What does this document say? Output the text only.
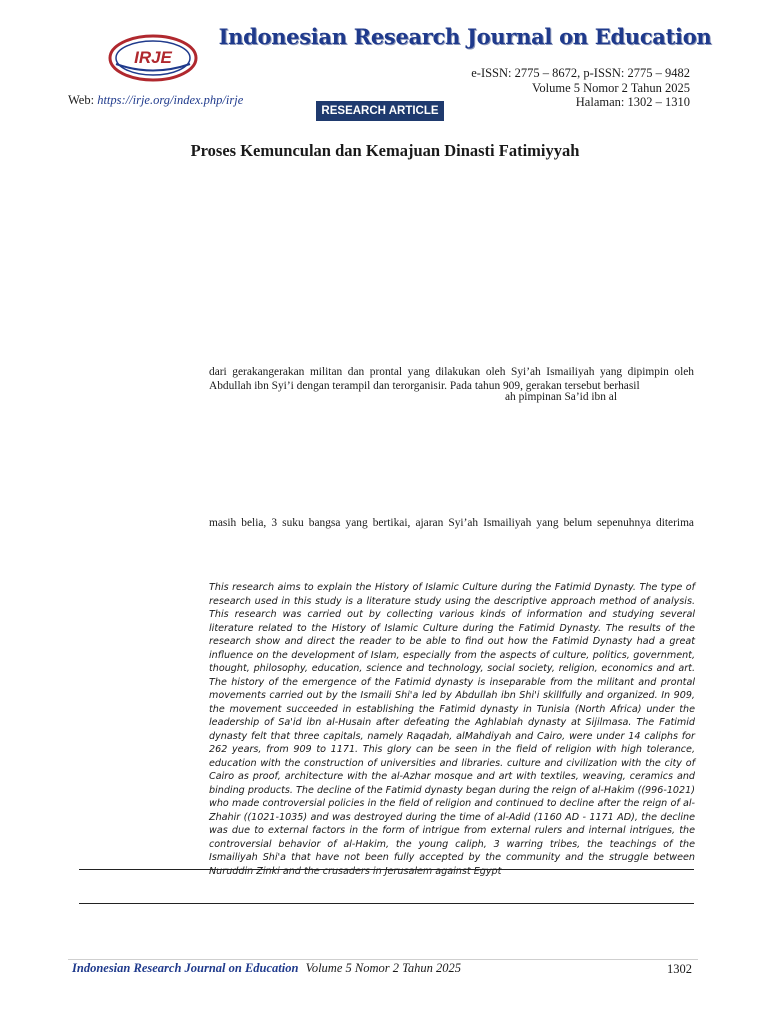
IRJE
Indonesian Research Journal on Education
e-ISSN: 2775 – 8672, p-ISSN: 2775 – 9482
Volume 5 Nomor 2 Tahun 2025
Halaman: 1302 – 1310
Web: https://irje.org/index.php/irje
RESEARCH ARTICLE
Proses Kemunculan dan Kemajuan Dinasti Fatimiyyah
dari gerakangerakan militan dan prontal yang dilakukan oleh Syi’ah Ismailiyah yang dipimpin oleh Abdullah ibn Syi’i dengan terampil dan terorganisir. Pada tahun 909, gerakan tersebut berhasil
ah pimpinan Sa’id ibn al
masih belia, 3 suku bangsa yang bertikai, ajaran Syi’ah Ismailiyah yang belum sepenuhnya diterima
This research aims to explain the History of Islamic Culture during the Fatimid Dynasty. The type of research used in this study is a literature study using the descriptive approach method of analysis. This research was carried out by collecting various kinds of information and studying several literature related to the History of Islamic Culture during the Fatimid Dynasty. The results of the research show and direct the reader to be able to find out how the Fatimid Dynasty had a great influence on the development of Islam, especially from the aspects of culture, politics, government, thought, philosophy, education, science and technology, social society, religion, economics and art. The history of the emergence of the Fatimid dynasty is inseparable from the militant and prontal movements carried out by the Ismaili Shi'a led by Abdullah ibn Shi'i skillfully and organized. In 909, the movement succeeded in establishing the Fatimid dynasty in Tunisia (North Africa) under the leadership of Sa'id ibn al-Husain after defeating the Aghlabiah dynasty at Sijilmasa. The Fatimid dynasty felt that three capitals, namely Raqadah, alMahdiyah and Cairo, were under 14 caliphs for 262 years, from 909 to 1171. This glory can be seen in the field of religion with high tolerance, education with the construction of universities and libraries. culture and civilization with the city of Cairo as proof, architecture with the al-Azhar mosque and art with textiles, weaving, ceramics and binding products. The decline of the Fatimid dynasty began during the reign of al-Hakim ((996-1021) who made controversial policies in the field of religion and continued to decline after the reign of al-Zhahir ((1021-1035) and was destroyed during the time of al-Adid (1160 AD - 1171 AD), the decline was due to external factors in the form of intrigue from external rulers and internal intrigues, the controversial behavior of al-Hakim, the young caliph, 3 warring tribes, the teachings of the Ismailiyah Shi'a that have not been fully accepted by the community and the struggle between Nuruddin Zinki and the crusaders in Jerusalem against Egypt
Indonesian Research Journal on Education Volume 5 Nomor 2 Tahun 2025	1302
